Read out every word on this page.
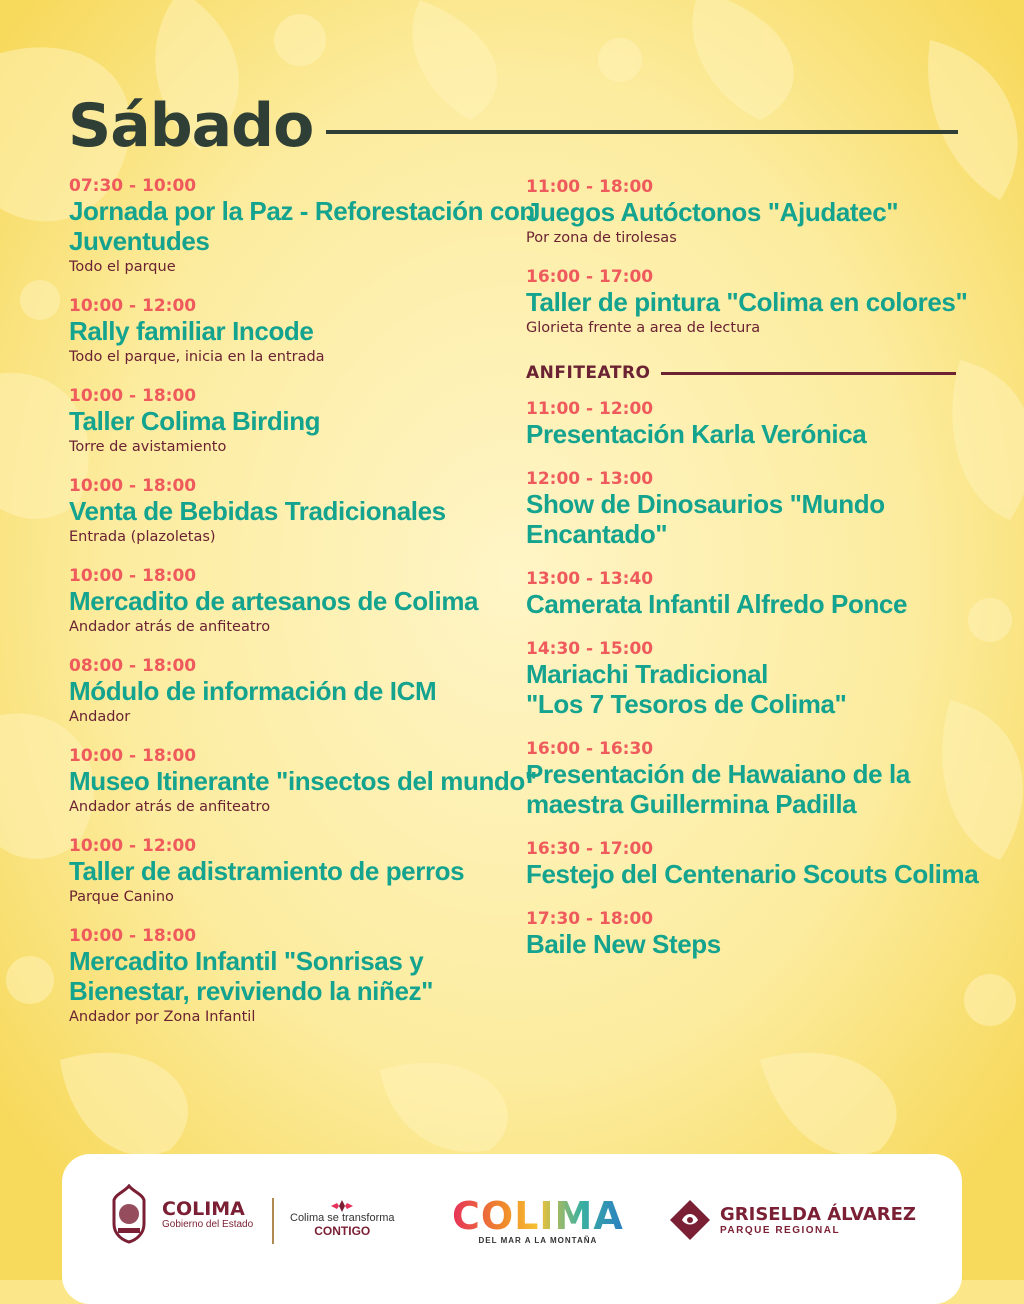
Sábado
07:30 - 10:00
Jornada por la Paz - Reforestación con
Juventudes
Todo el parque
10:00 - 12:00
Rally familiar Incode
Todo el parque, inicia en la entrada
10:00 - 18:00
Taller Colima Birding
Torre de avistamiento
10:00 - 18:00
Venta de Bebidas Tradicionales
Entrada (plazoletas)
10:00 - 18:00
Mercadito de artesanos de Colima
Andador atrás de anfiteatro
08:00 - 18:00
Módulo de información de ICM
Andador
10:00 - 18:00
Museo Itinerante "insectos del mundo"
Andador atrás de anfiteatro
10:00 - 12:00
Taller de adistramiento de perros
Parque Canino
10:00 - 18:00
Mercadito Infantil "Sonrisas y
Bienestar, reviviendo la niñez"
Andador por Zona Infantil
11:00 - 18:00
Juegos Autóctonos "Ajudatec"
Por zona de tirolesas
16:00 - 17:00
Taller de pintura "Colima en colores"
Glorieta frente a area de lectura
ANFITEATRO
11:00 - 12:00
Presentación Karla Verónica
12:00 - 13:00
Show de Dinosaurios "Mundo
Encantado"
13:00 - 13:40
Camerata Infantil Alfredo Ponce
14:30 - 15:00
Mariachi Tradicional
"Los 7 Tesoros de Colima"
16:00 - 16:30
Presentación de Hawaiano de la
maestra Guillermina Padilla
16:30 - 17:00
Festejo del Centenario Scouts Colima
17:30 - 18:00
Baile New Steps
COLIMA
Gobierno del Estado	Colima se transforma
CONTIGO COLIMA
DEL MAR A LA MONTAÑA
GRISELDA ÁLVAREZ
PARQUE REGIONAL
